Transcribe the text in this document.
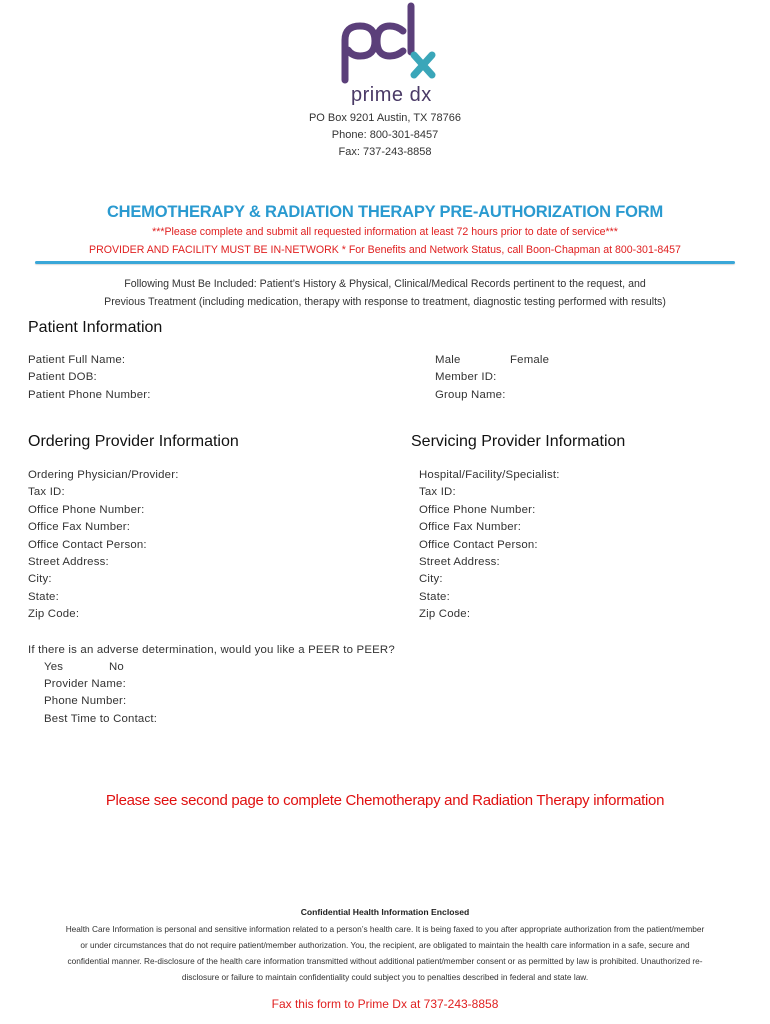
prime dx
PO Box 9201 Austin, TX 78766
Phone: 800-301-8457
Fax: 737-243-8858
CHEMOTHERAPY & RADIATION THERAPY PRE-AUTHORIZATION FORM
***Please complete and submit all requested information at least 72 hours prior to date of service***
PROVIDER AND FACILITY MUST BE IN-NETWORK * For Benefits and Network Status, call Boon-Chapman at 800-301-8457
Following Must Be Included: Patient’s History & Physical, Clinical/Medical Records pertinent to the request, and
Previous Treatment (including medication, therapy with response to treatment, diagnostic testing performed with results)
Patient Information
Patient Full Name:
Patient DOB:
Patient Phone Number:
Male	Female
Member ID:
Group Name:
Ordering Provider Information
Ordering Physician/Provider:
Tax ID:
Office Phone Number:
Office Fax Number:
Office Contact Person:
Street Address:
City:
State:
Zip Code:
Servicing Provider Information
Hospital/Facility/Specialist:
Tax ID:
Office Phone Number:
Office Fax Number:
Office Contact Person:
Street Address:
City:
State:
Zip Code:
If there is an adverse determination, would you like a PEER to PEER?
Yes	No
Provider Name:
Phone Number:
Best Time to Contact:
Please see second page to complete Chemotherapy and Radiation Therapy information
Confidential Health Information Enclosed
Health Care Information is personal and sensitive information related to a person’s health care. It is being faxed to you after appropriate authorization from the patient/member
or under circumstances that do not require patient/member authorization. You, the recipient, are obligated to maintain the health care information in a safe, secure and
confidential manner. Re-disclosure of the health care information transmitted without additional patient/member consent or as permitted by law is prohibited. Unauthorized re-
disclosure or failure to maintain confidentiality could subject you to penalties described in federal and state law.
Fax this form to Prime Dx at 737-243-8858
